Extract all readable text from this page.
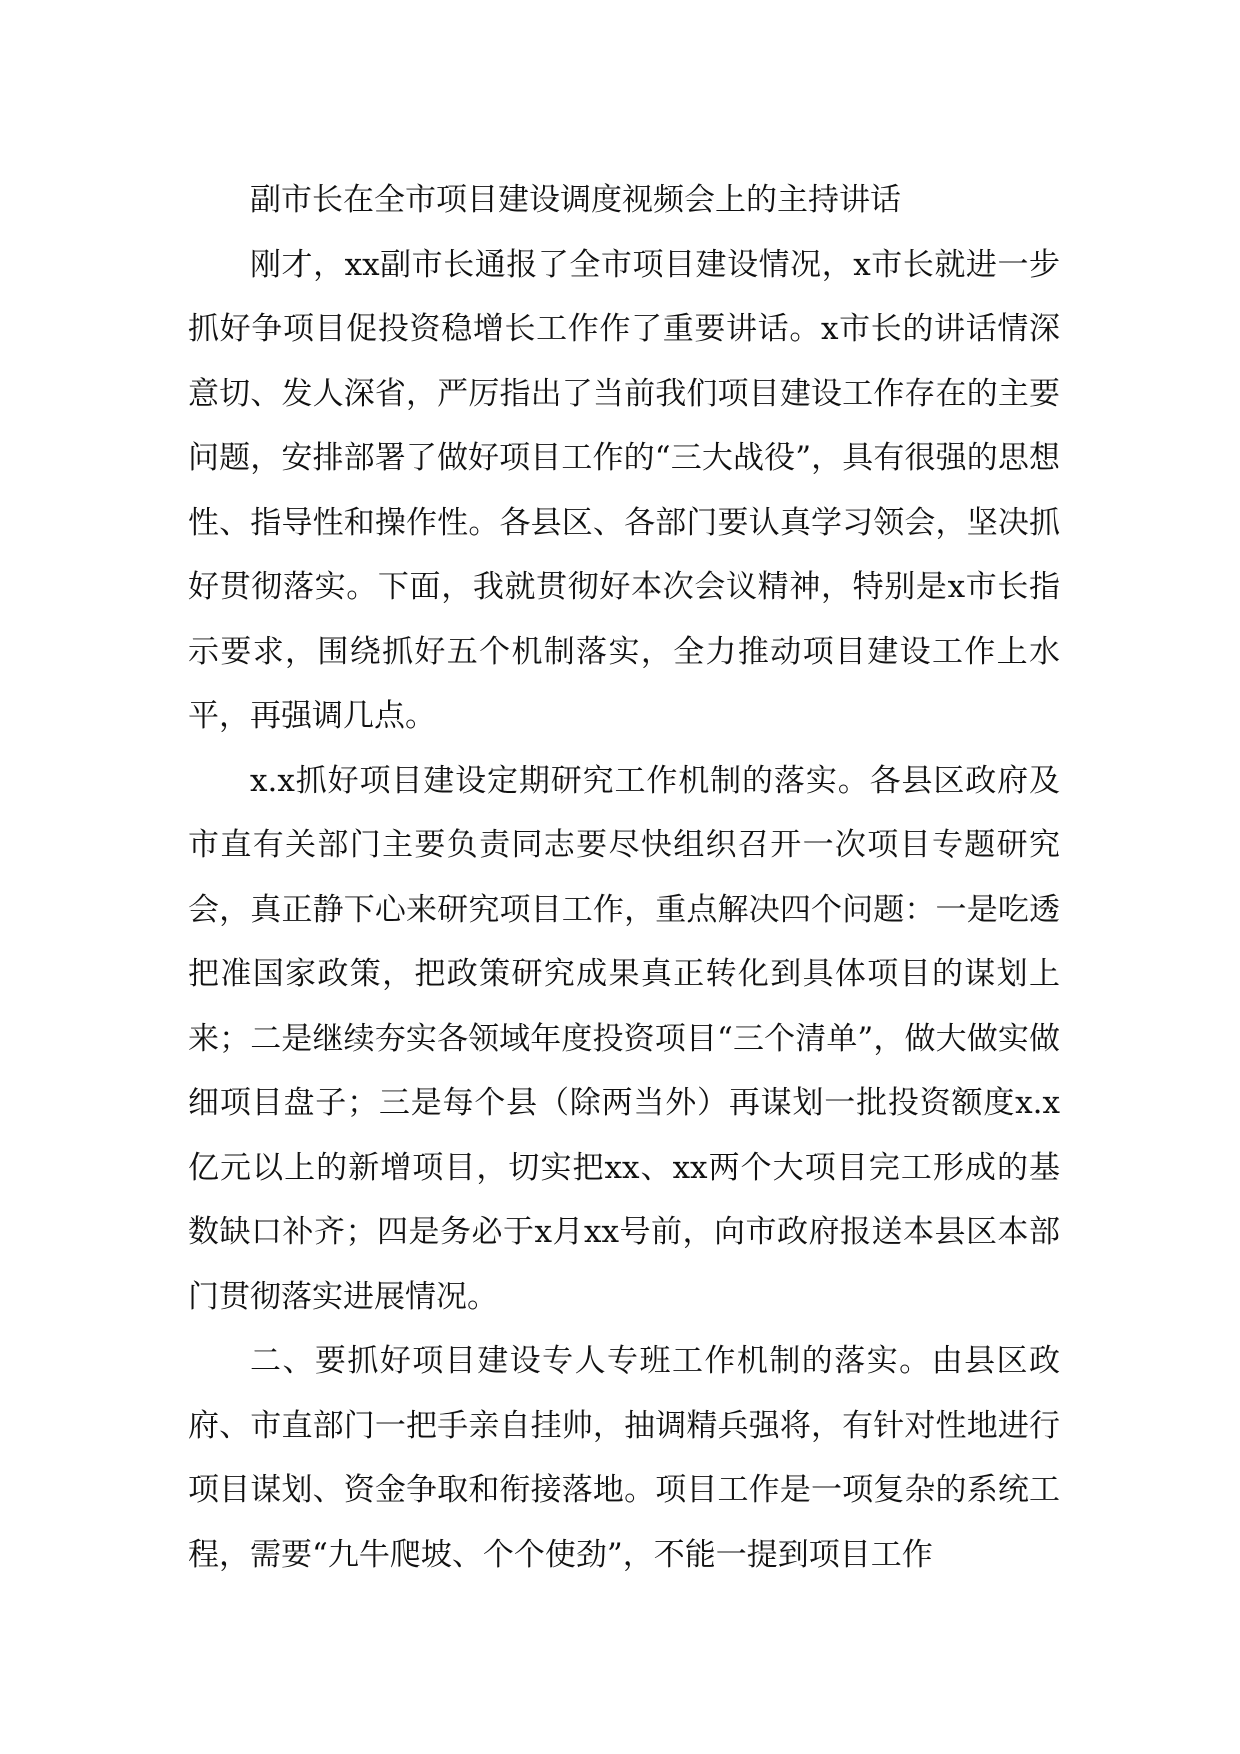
副市长在全市项目建设调度视频会上的主持讲话

刚才，xx副市长通报了全市项目建设情况，x市长就进一步抓好争项目促投资稳增长工作作了重要讲话。x市长的讲话情深意切、发人深省，严厉指出了当前我们项目建设工作存在的主要问题，安排部署了做好项目工作的“三大战役”，具有很强的思想性、指导性和操作性。各县区、各部门要认真学习领会，坚决抓好贯彻落实。下面，我就贯彻好本次会议精神，特别是x市长指示要求，围绕抓好五个机制落实，全力推动项目建设工作上水平，再强调几点。

x.x抓好项目建设定期研究工作机制的落实。各县区政府及市直有关部门主要负责同志要尽快组织召开一次项目专题研究会，真正静下心来研究项目工作，重点解决四个问题：一是吃透把准国家政策，把政策研究成果真正转化到具体项目的谋划上来；二是继续夯实各领域年度投资项目“三个清单”，做大做实做细项目盘子；三是每个县（除两当外）再谋划一批投资额度x.x亿元以上的新增项目，切实把xx、xx两个大项目完工形成的基数缺口补齐；四是务必于x月xx号前，向市政府报送本县区本部门贯彻落实进展情况。

二、要抓好项目建设专人专班工作机制的落实。由县区政府、市直部门一把手亲自挂帅，抽调精兵强将，有针对性地进行项目谋划、资金争取和衔接落地。项目工作是一项复杂的系统工程，需要“九牛爬坡、个个使劲”，不能一提到项目工作
